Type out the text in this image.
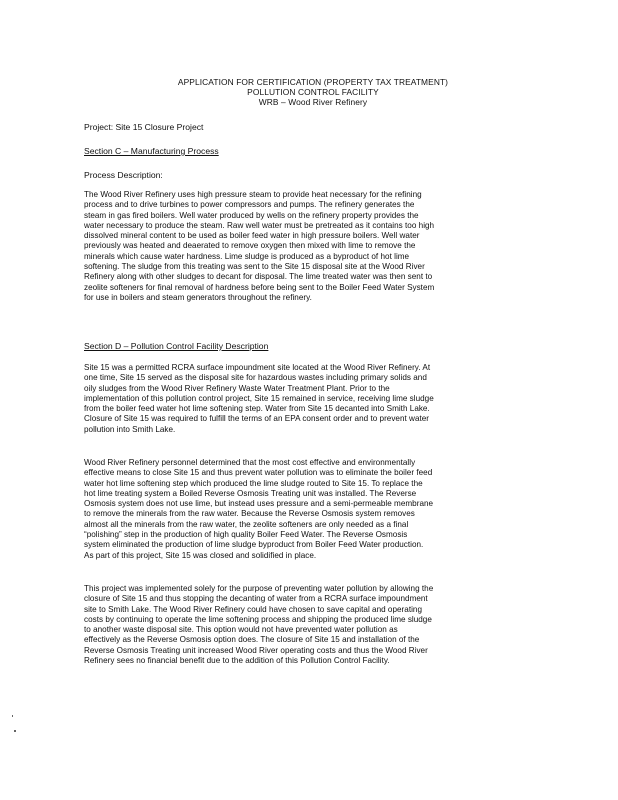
APPLICATION FOR CERTIFICATION (PROPERTY TAX TREATMENT)
POLLUTION CONTROL FACILITY
WRB – Wood River Refinery
Project: Site 15 Closure Project
Section C – Manufacturing Process
Process Description:
The Wood River Refinery uses high pressure steam to provide heat necessary for the refining
process and to drive turbines to power compressors and pumps. The refinery generates the
steam in gas fired boilers. Well water produced by wells on the refinery property provides the
water necessary to produce the steam. Raw well water must be pretreated as it contains too high
dissolved mineral content to be used as boiler feed water in high pressure boilers. Well water
previously was heated and deaerated to remove oxygen then mixed with lime to remove the
minerals which cause water hardness. Lime sludge is produced as a byproduct of hot lime
softening. The sludge from this treating was sent to the Site 15 disposal site at the Wood River
Refinery along with other sludges to decant for disposal. The lime treated water was then sent to
zeolite softeners for final removal of hardness before being sent to the Boiler Feed Water System
for use in boilers and steam generators throughout the refinery.
Section D – Pollution Control Facility Description
Site 15 was a permitted RCRA surface impoundment site located at the Wood River Refinery. At
one time, Site 15 served as the disposal site for hazardous wastes including primary solids and
oily sludges from the Wood River Refinery Waste Water Treatment Plant. Prior to the
implementation of this pollution control project, Site 15 remained in service, receiving lime sludge
from the boiler feed water hot lime softening step. Water from Site 15 decanted into Smith Lake.
Closure of Site 15 was required to fulfill the terms of an EPA consent order and to prevent water
pollution into Smith Lake.
Wood River Refinery personnel determined that the most cost effective and environmentally
effective means to close Site 15 and thus prevent water pollution was to eliminate the boiler feed
water hot lime softening step which produced the lime sludge routed to Site 15. To replace the
hot lime treating system a Boiled Reverse Osmosis Treating unit was installed. The Reverse
Osmosis system does not use lime, but instead uses pressure and a semi-permeable membrane
to remove the minerals from the raw water. Because the Reverse Osmosis system removes
almost all the minerals from the raw water, the zeolite softeners are only needed as a final
“polishing” step in the production of high quality Boiler Feed Water. The Reverse Osmosis
system eliminated the production of lime sludge byproduct from Boiler Feed Water production.
As part of this project, Site 15 was closed and solidified in place.
This project was implemented solely for the purpose of preventing water pollution by allowing the
closure of Site 15 and thus stopping the decanting of water from a RCRA surface impoundment
site to Smith Lake. The Wood River Refinery could have chosen to save capital and operating
costs by continuing to operate the lime softening process and shipping the produced lime sludge
to another waste disposal site. This option would not have prevented water pollution as
effectively as the Reverse Osmosis option does. The closure of Site 15 and installation of the
Reverse Osmosis Treating unit increased Wood River operating costs and thus the Wood River
Refinery sees no financial benefit due to the addition of this Pollution Control Facility.
